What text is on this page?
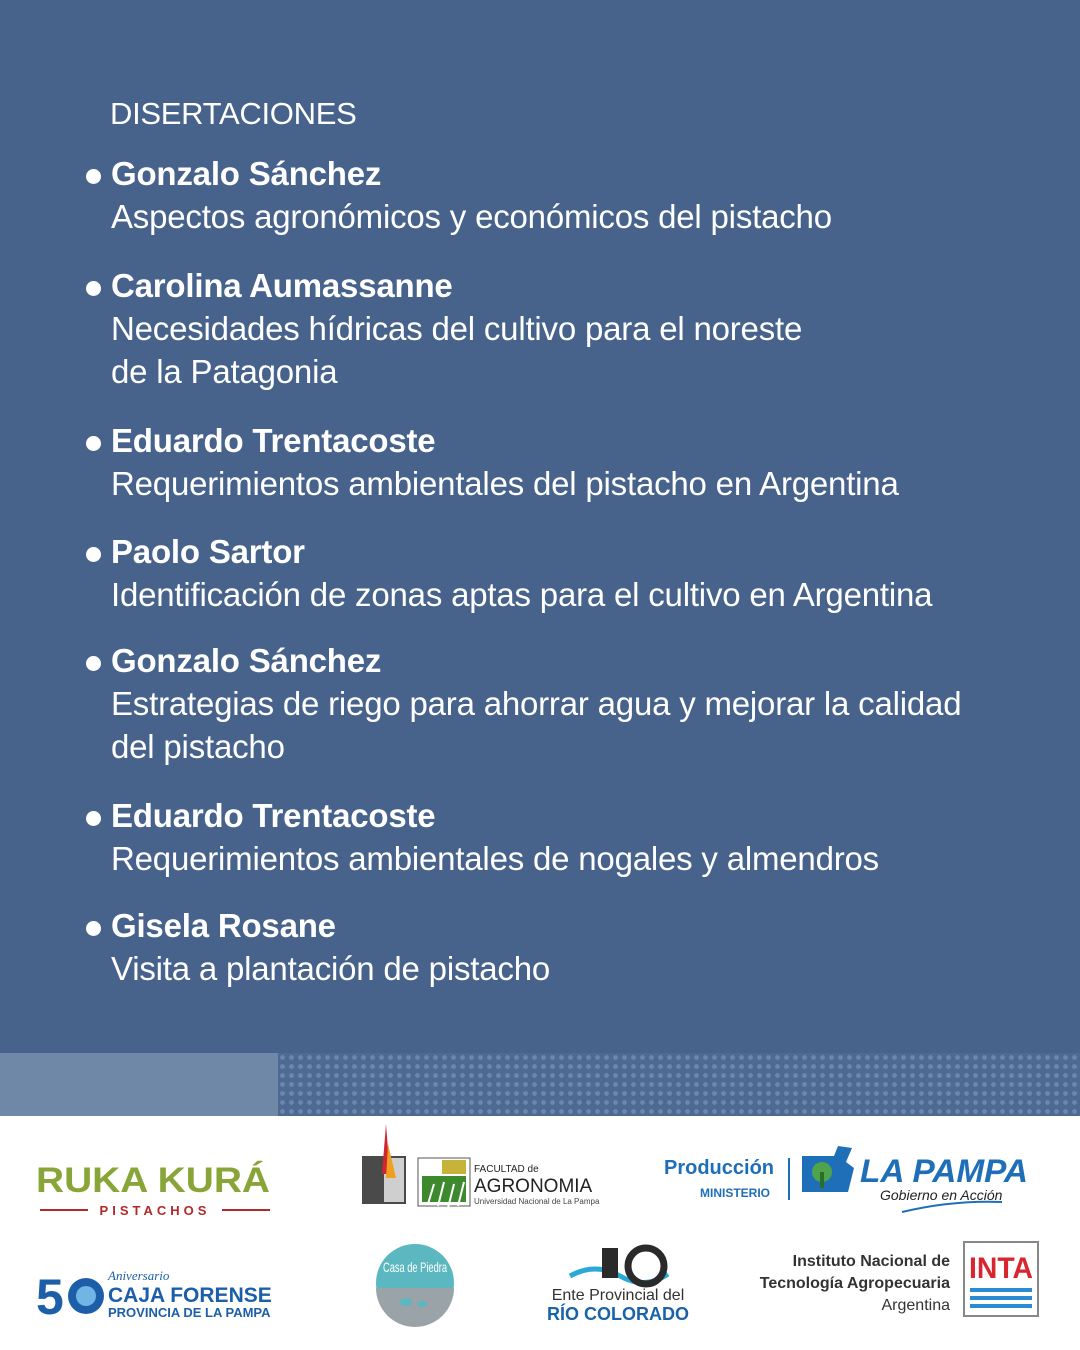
DISERTACIONES
Gonzalo Sánchez
Aspectos agronómicos y económicos del pistacho
Carolina Aumassanne
Necesidades hídricas del cultivo para el noreste
de la Patagonia
Eduardo Trentacoste
Requerimientos ambientales del pistacho en Argentina
Paolo Sartor
Identificación de zonas aptas para el cultivo en Argentina
Gonzalo Sánchez
Estrategias de riego para ahorrar agua y mejorar la calidad
del pistacho
Eduardo Trentacoste
Requerimientos ambientales de nogales y almendros
Gisela Rosane
Visita a plantación de pistacho
RUKA KURÁ
PISTACHOS
FACULTAD de
AGRONOMIA
Universidad Nacional de La Pampa
Producción
MINISTERIO
LA PAMPA
Gobierno en Acción
5	Aniversario
CAJA FORENSE
PROVINCIA DE LA PAMPA
Casa de Piedra
Ente Provincial del
RÍO COLORADO
Instituto Nacional de
Tecnología Agropecuaria
Argentina
INTA
